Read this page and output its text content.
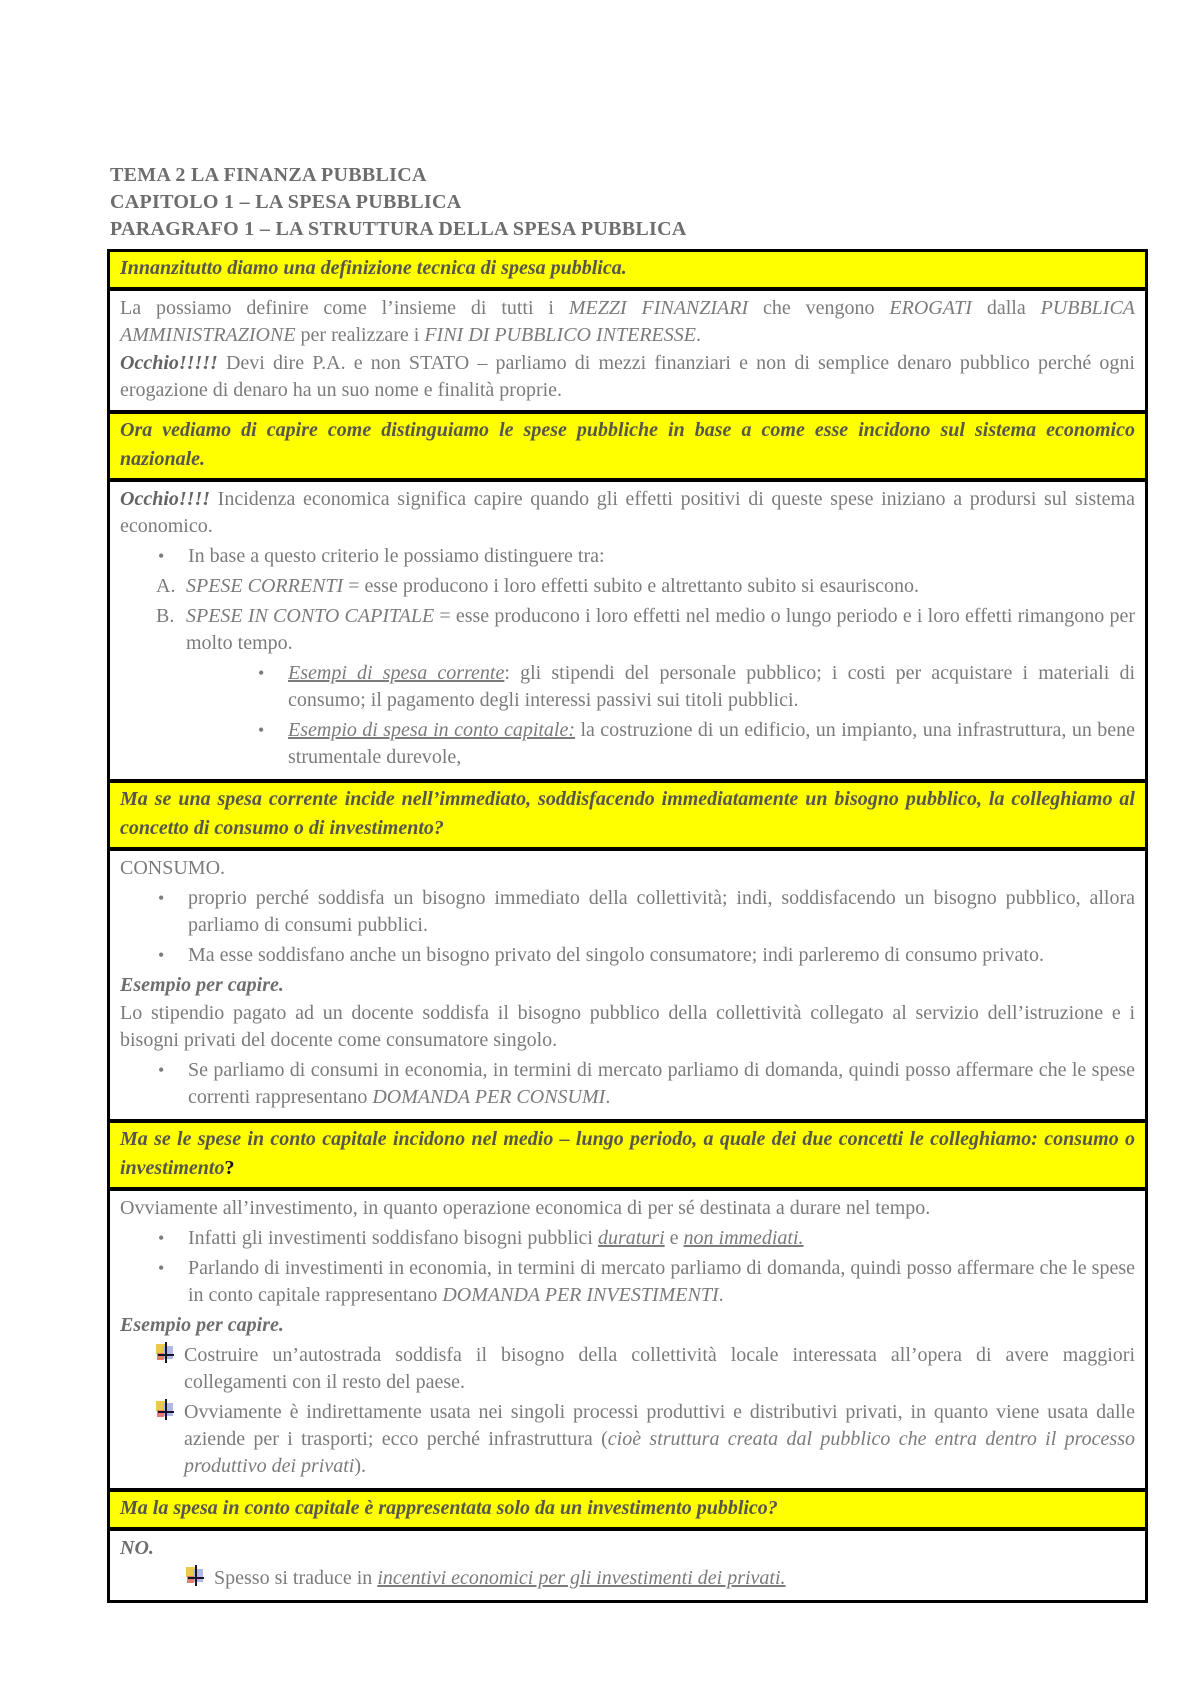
TEMA 2 LA FINANZA PUBBLICA
CAPITOLO 1 – LA SPESA PUBBLICA
PARAGRAFO 1 – LA STRUTTURA DELLA SPESA PUBBLICA

Innanzitutto diamo una definizione tecnica di spesa pubblica.

La possiamo definire come l’insieme di tutti i MEZZI FINANZIARI che vengono EROGATI dalla PUBBLICA AMMINISTRAZIONE per realizzare i FINI DI PUBBLICO INTERESSE.

Occhio!!!!! Devi dire P.A. e non STATO – parliamo di mezzi finanziari e non di semplice denaro pubblico perché ogni erogazione di denaro ha un suo nome e finalità proprie.

Ora vediamo di capire come distinguiamo le spese pubbliche in base a come esse incidono sul sistema economico nazionale.

Occhio!!!! Incidenza economica significa capire quando gli effetti positivi di queste spese iniziano a prodursi sul sistema economico.

•	In base a questo criterio le possiamo distinguere tra:
A. SPESE CORRENTI = esse producono i loro effetti subito e altrettanto subito si esauriscono.
B. SPESE IN CONTO CAPITALE = esse producono i loro effetti nel medio o lungo periodo e i loro effetti rimangono per molto tempo.
•	Esempi di spesa corrente: gli stipendi del personale pubblico; i costi per acquistare i materiali di consumo; il pagamento degli interessi passivi sui titoli pubblici.
•	Esempio di spesa in conto capitale: la costruzione di un edificio, un impianto, una infrastruttura, un bene strumentale durevole,

Ma se una spesa corrente incide nell’immediato, soddisfacendo immediatamente un bisogno pubblico, la colleghiamo al concetto di consumo o di investimento?

CONSUMO.

•	proprio perché soddisfa un bisogno immediato della collettività; indi, soddisfacendo un bisogno pubblico, allora parliamo di consumi pubblici.
•	Ma esse soddisfano anche un bisogno privato del singolo consumatore; indi parleremo di consumo privato.

Esempio per capire.

Lo stipendio pagato ad un docente soddisfa il bisogno pubblico della collettività collegato al servizio dell’istruzione e i bisogni privati del docente come consumatore singolo.

•	Se parliamo di consumi in economia, in termini di mercato parliamo di domanda, quindi posso affermare che le spese correnti rappresentano DOMANDA PER CONSUMI.

Ma se le spese in conto capitale incidono nel medio – lungo periodo, a quale dei due concetti le colleghiamo: consumo o investimento?

Ovviamente all’investimento, in quanto operazione economica di per sé destinata a durare nel tempo.

•	Infatti gli investimenti soddisfano bisogni pubblici duraturi e non immediati.
•	Parlando di investimenti in economia, in termini di mercato parliamo di domanda, quindi posso affermare che le spese in conto capitale rappresentano DOMANDA PER INVESTIMENTI.

Esempio per capire.

Costruire un’autostrada soddisfa il bisogno della collettività locale interessata all’opera di avere maggiori collegamenti con il resto del paese.
Ovviamente è indirettamente usata nei singoli processi produttivi e distributivi privati, in quanto viene usata dalle aziende per i trasporti; ecco perché infrastruttura (cioè struttura creata dal pubblico che entra dentro il processo produttivo dei privati).

Ma la spesa in conto capitale è rappresentata solo da un investimento pubblico?

NO.

Spesso si traduce in incentivi economici per gli investimenti dei privati.
